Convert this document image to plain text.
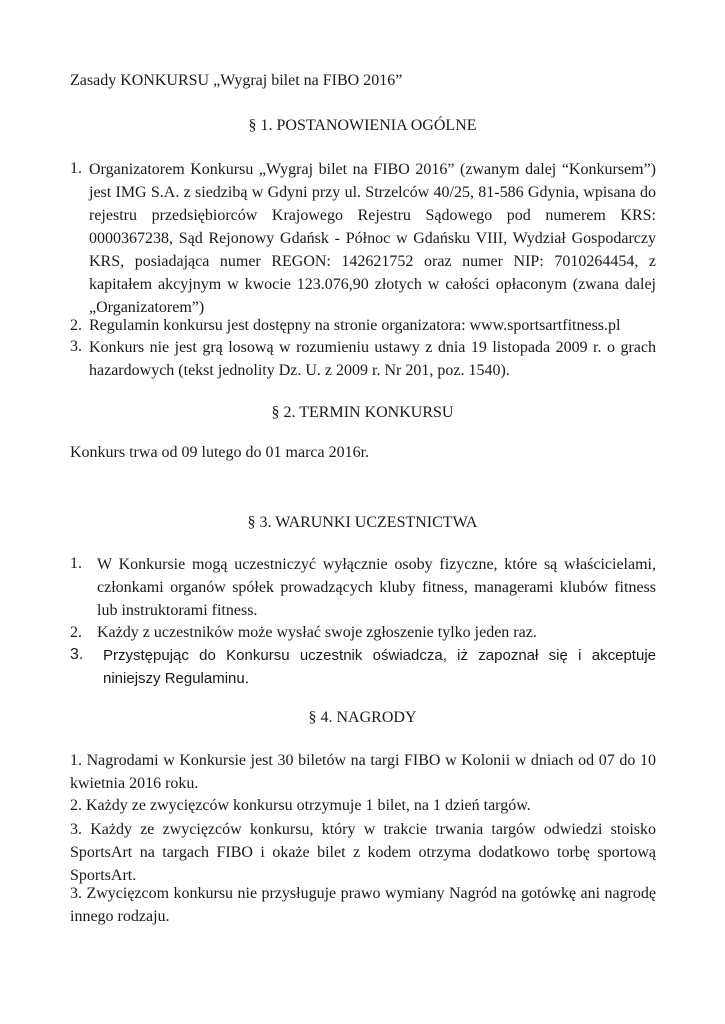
Zasady KONKURSU „Wygraj bilet na FIBO 2016”

§ 1. POSTANOWIENIA OGÓLNE

1. Organizatorem Konkursu „Wygraj bilet na FIBO 2016” (zwanym dalej “Konkursem”) jest IMG S.A. z siedzibą w Gdyni przy ul. Strzelców 40/25, 81-586 Gdynia, wpisana do rejestru przedsiębiorców Krajowego Rejestru Sądowego pod numerem KRS: 0000367238, Sąd Rejonowy Gdańsk - Północ w Gdańsku VIII, Wydział Gospodarczy KRS, posiadająca numer REGON: 142621752 oraz numer NIP: 7010264454, z kapitałem akcyjnym w kwocie 123.076,90 złotych w całości opłaconym (zwana dalej „Organizatorem”)

2. Regulamin konkursu jest dostępny na stronie organizatora: www.sportsartfitness.pl

3. Konkurs nie jest grą losową w rozumieniu ustawy z dnia 19 listopada 2009 r. o grach hazardowych (tekst jednolity Dz. U. z 2009 r. Nr 201, poz. 1540).

§ 2. TERMIN KONKURSU

Konkurs trwa od 09 lutego do 01 marca 2016r.

§ 3. WARUNKI UCZESTNICTWA

1. W Konkursie mogą uczestniczyć wyłącznie osoby fizyczne, które są właścicielami, członkami organów spółek prowadzących kluby fitness, managerami klubów fitness lub instruktorami fitness.

2. Każdy z uczestników może wysłać swoje zgłoszenie tylko jeden raz.

3. Przystępując do Konkursu uczestnik oświadcza, iż zapoznał się i akceptuje niniejszy Regulaminu.

§ 4. NAGRODY

1. Nagrodami w Konkursie jest 30 biletów na targi FIBO w Kolonii w dniach od 07 do 10 kwietnia 2016 roku.

2. Każdy ze zwycięzców konkursu otrzymuje 1 bilet, na 1 dzień targów.

3. Każdy ze zwycięzców konkursu, który w trakcie trwania targów odwiedzi stoisko SportsArt na targach FIBO i okaże bilet z kodem otrzyma dodatkowo torbę sportową SportsArt.

3. Zwycięzcom konkursu nie przysługuje prawo wymiany Nagród na gotówkę ani nagrodę innego rodzaju.
